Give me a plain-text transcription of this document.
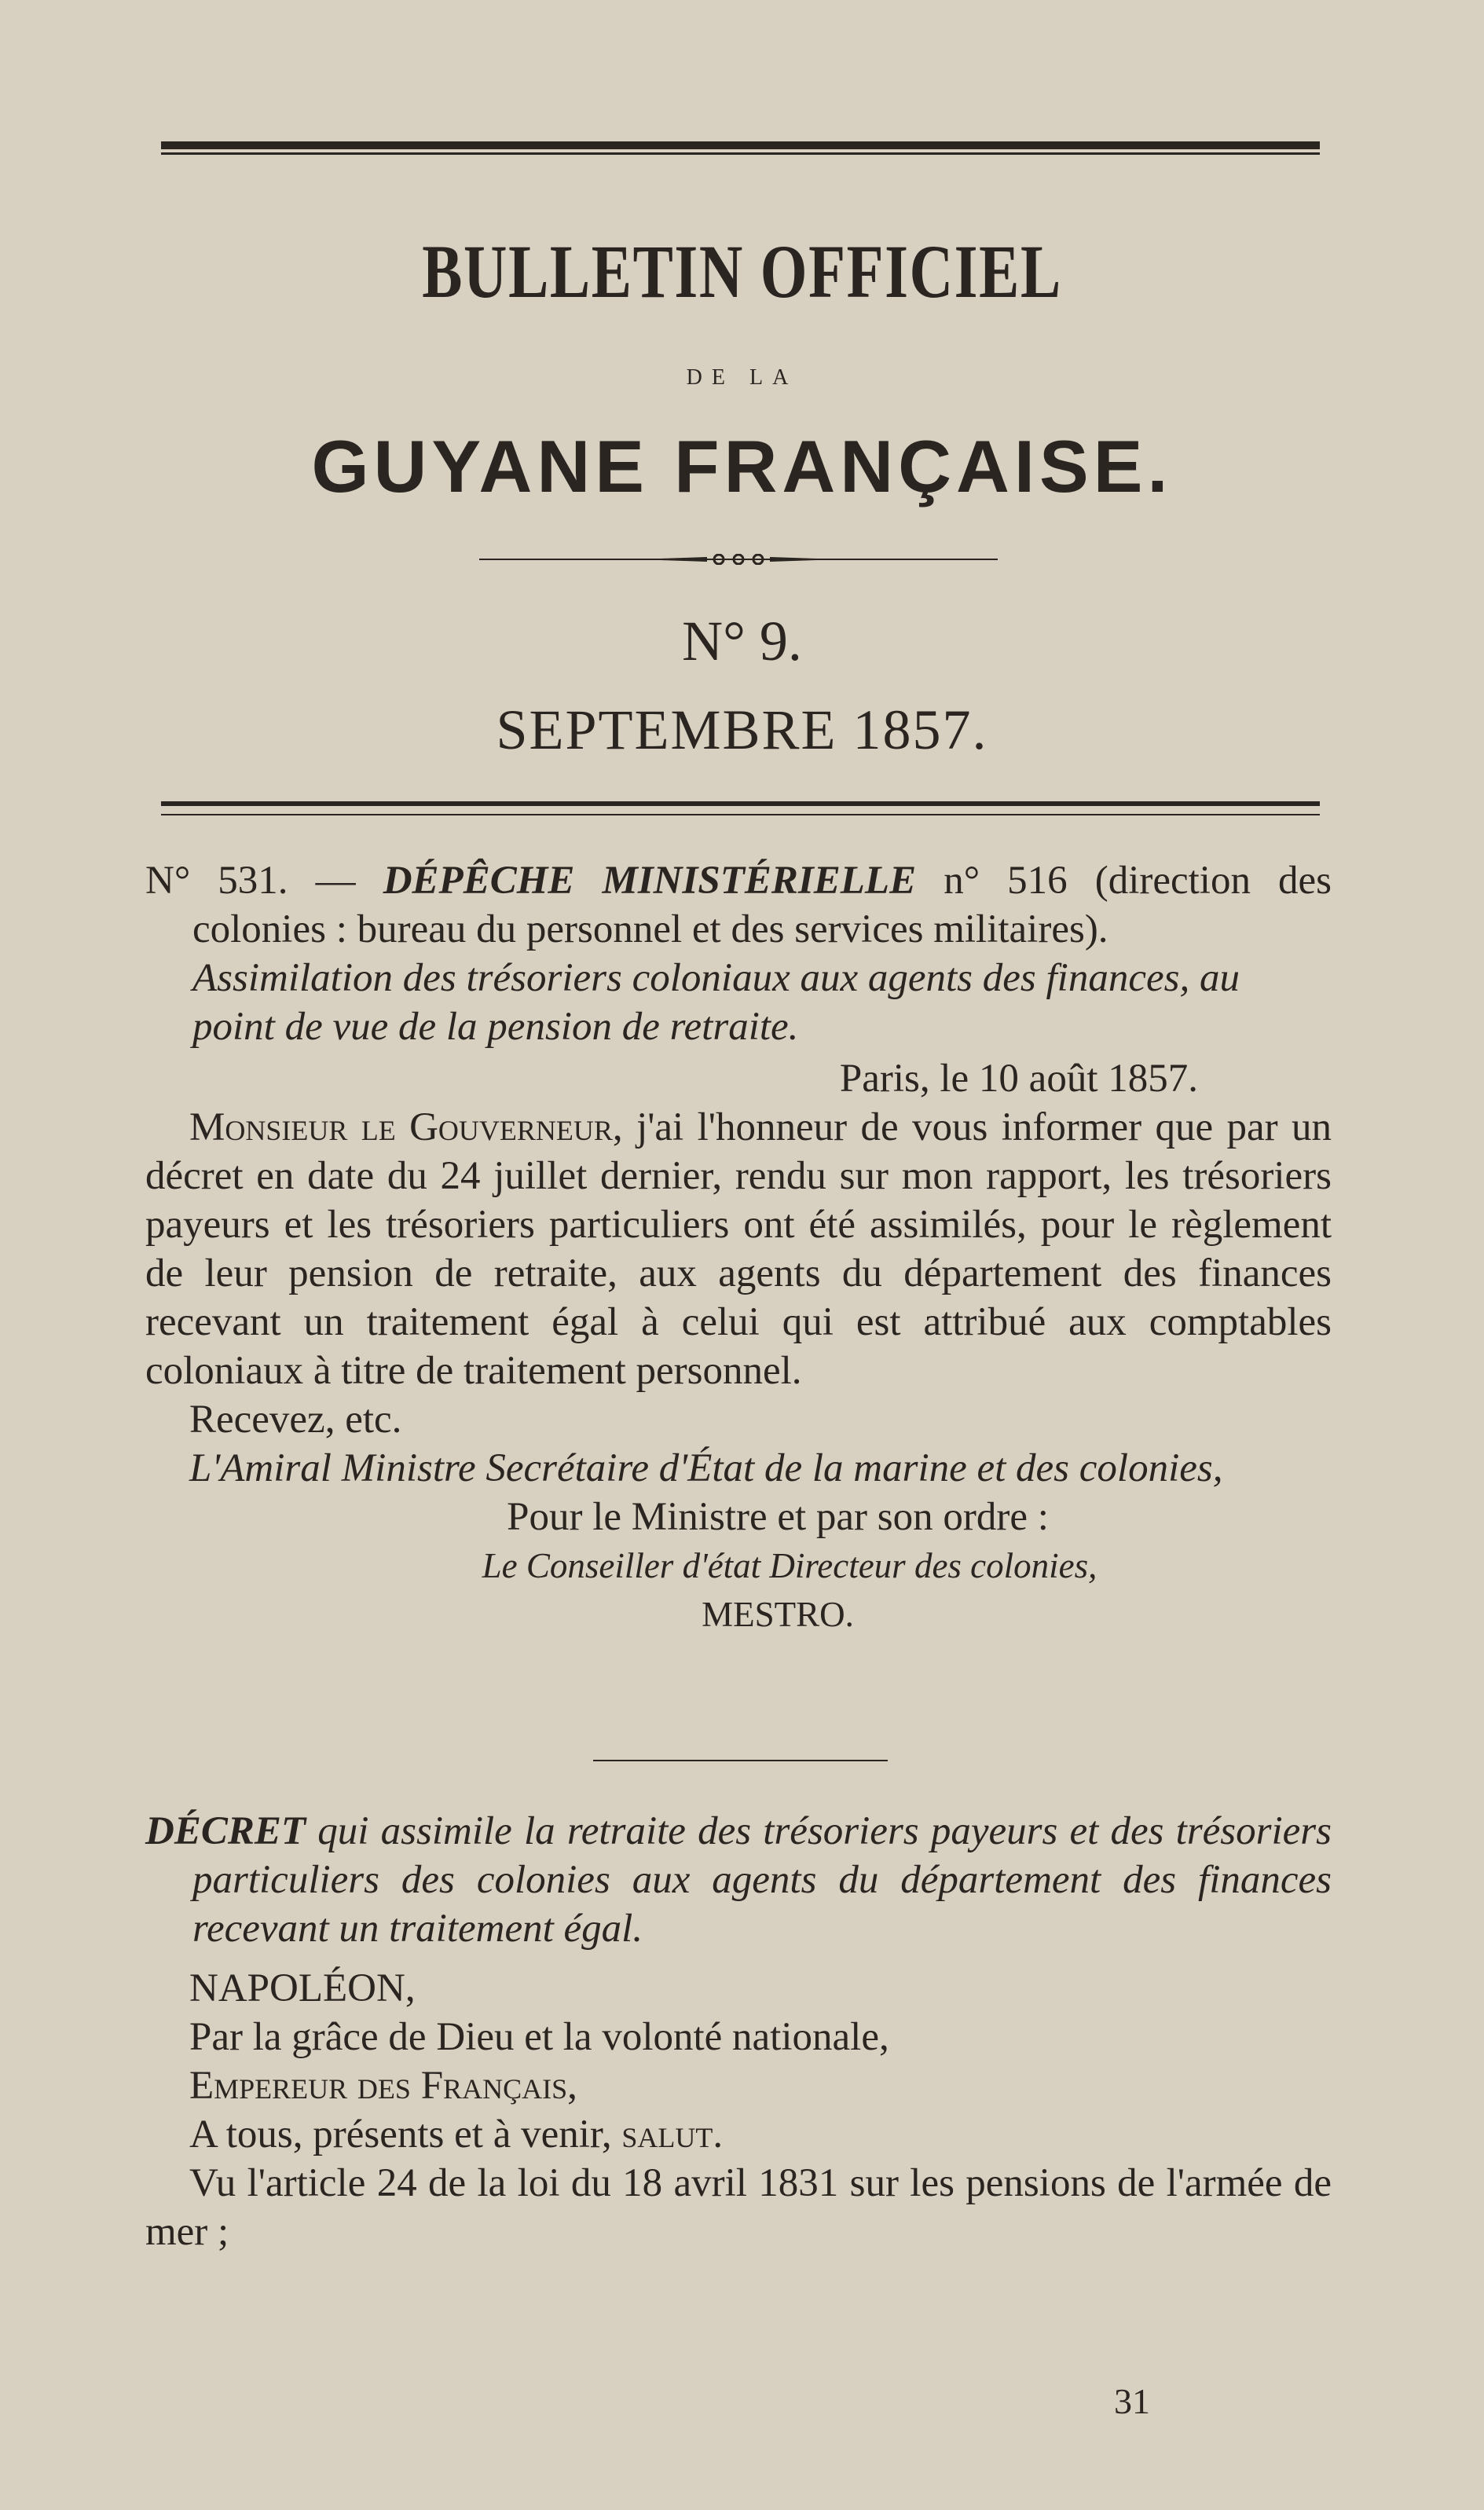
BULLETIN OFFICIEL
DE LA
GUYANE FRANÇAISE.
N° 9.
SEPTEMBRE 1857.

N° 531. — DÉPÊCHE MINISTÉRIELLE n° 516 (direction des colonies : bureau du personnel et des services militaires).

Assimilation des trésoriers coloniaux aux agents des finances, au point de vue de la pension de retraite.

Paris, le 10 août 1857.

Monsieur le Gouverneur, j'ai l'honneur de vous informer que par un décret en date du 24 juillet dernier, rendu sur mon rapport, les trésoriers payeurs et les trésoriers particuliers ont été assimilés, pour le règlement de leur pension de retraite, aux agents du département des finances recevant un traitement égal à celui qui est attribué aux comptables coloniaux à titre de traitement personnel.

Recevez, etc.

L'Amiral Ministre Secrétaire d'État de la marine et des colonies,

Pour le Ministre et par son ordre :

Le Conseiller d'état Directeur des colonies,

MESTRO.

DÉCRET qui assimile la retraite des trésoriers payeurs et des trésoriers particuliers des colonies aux agents du département des finances recevant un traitement égal.

NAPOLÉON,

Par la grâce de Dieu et la volonté nationale,

Empereur des Français,

A tous, présents et à venir, salut.

Vu l'article 24 de la loi du 18 avril 1831 sur les pensions de l'armée de mer ;

31
